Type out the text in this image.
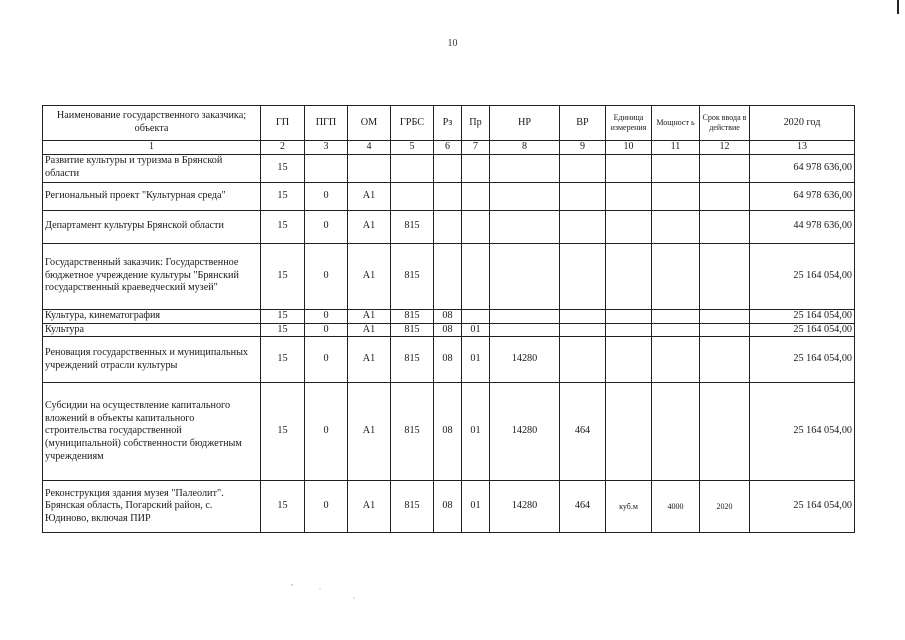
10
Наименование государственного заказчика; объекта	ГП	ПГП	ОМ	ГРБС	Рз	Пр	НР	ВР	Единица измерения	Мощност ь	Срок ввода в действие	2020 год
1	2	3	4	5	6	7	8	9	10	11	12	13
Развитие культуры и туризма в Брянской области	15											64 978 636,00
Региональный проект "Культурная среда"	15	0	А1									64 978 636,00
Департамент культуры Брянской области	15	0	А1	815								44 978 636,00
Государственный заказчик: Государственное бюджетное учреждение культуры "Брянский государственный краеведческий музей"	15	0	А1	815								25 164 054,00
Культура, кинематография	15	0	А1	815	08							25 164 054,00
Культура	15	0	А1	815	08	01						25 164 054,00
Реновация государственных и муниципальных учреждений отрасли культуры	15	0	А1	815	08	01	14280					25 164 054,00
Субсидии на осуществление капитального вложений в объекты капитального строительства государственной (муниципальной) собственности бюджетным учреждениям	15	0	А1	815	08	01	14280	464				25 164 054,00
Реконструкция здания музея "Палеолит". Брянская область, Погарский район, с. Юдиново, включая ПИР	15	0	А1	815	08	01	14280	464	куб.м	4000	2020	25 164 054,00
